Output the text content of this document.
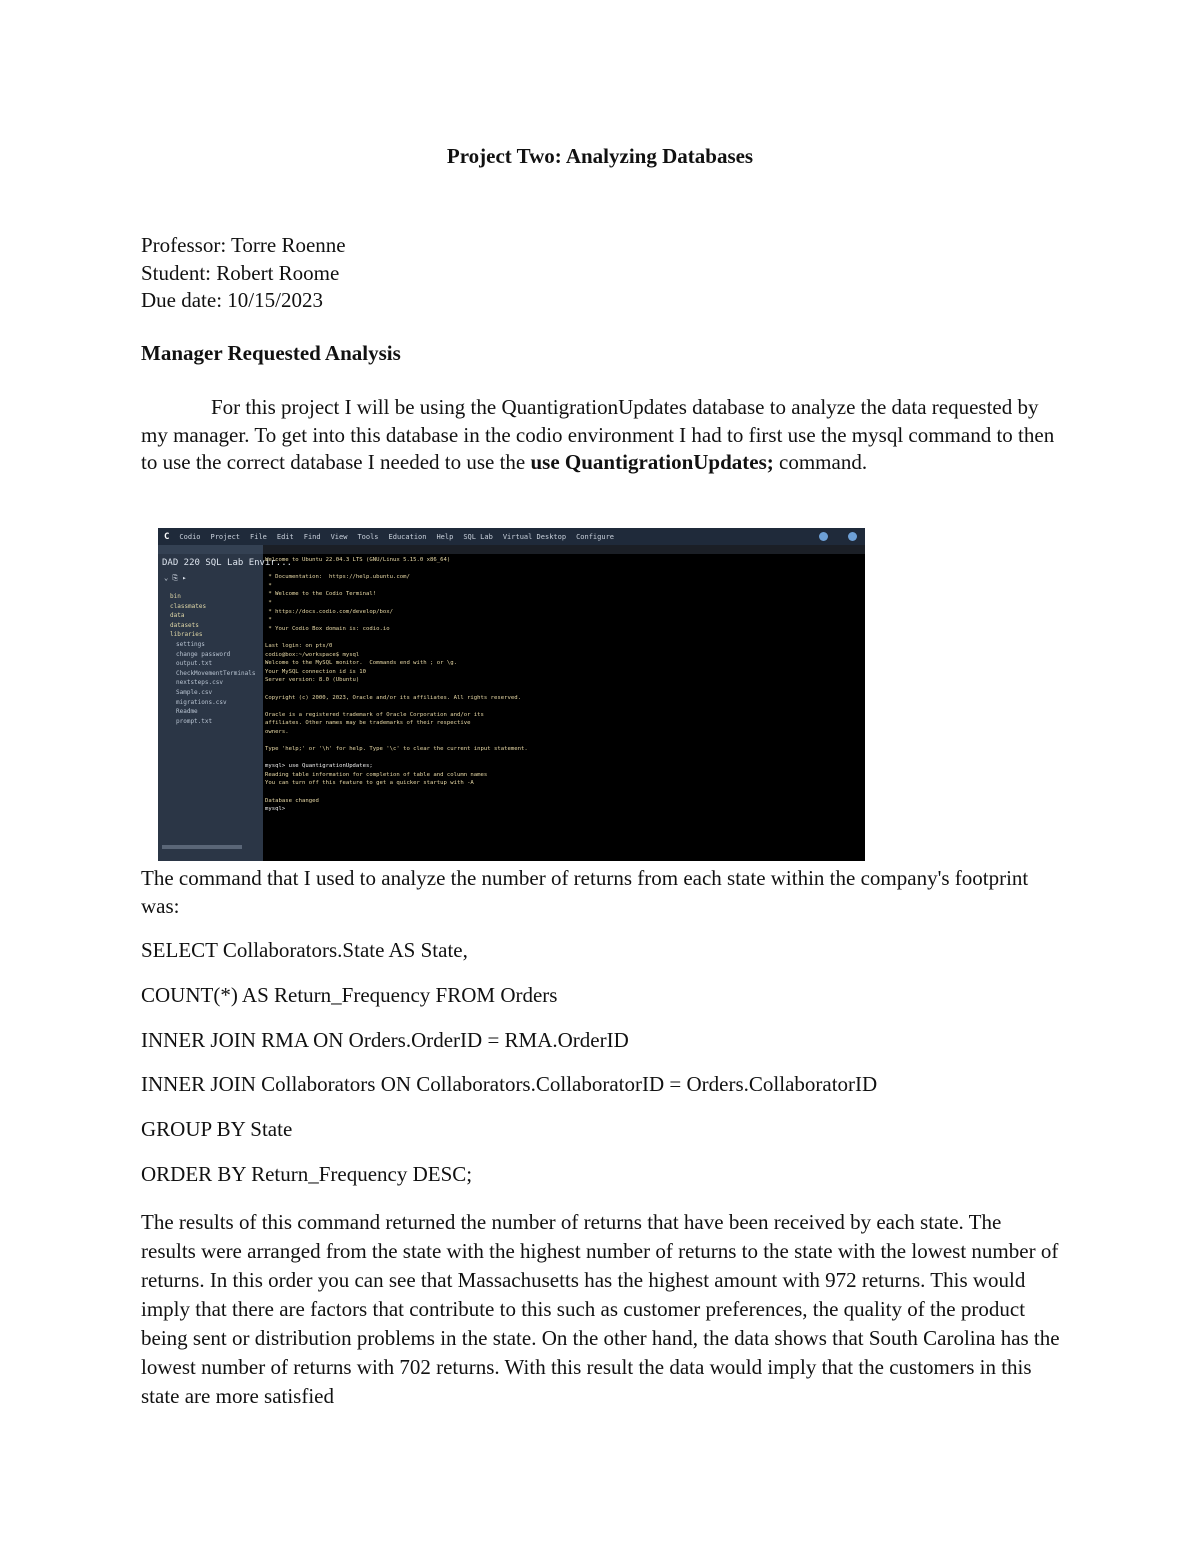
Project Two: Analyzing Databases
Professor: Torre Roenne
Student: Robert Roome
Due date: 10/15/2023
Manager Requested Analysis
For this project I will be using the QuantigrationUpdates database to analyze the data requested by my manager. To get into this database in the codio environment I had to first use the mysql command to then to use the correct database I needed to use the use QuantigrationUpdates; command.
C Codio Project File Edit Find View Tools Education Help SQL Lab Virtual Desktop Configure
DAD 220 SQL Lab Envir...
⌄ ⎘ ▸
bin
classmates
data
datasets
libraries
settings
change password
output.txt
CheckMovementTerminals
nextsteps.csv
Sample.csv
migrations.csv
Readme
prompt.txt
Welcome to Ubuntu 22.04.3 LTS (GNU/Linux 5.15.0 x86_64)

* Documentation:  https://help.ubuntu.com/
*
* Welcome to the Codio Terminal!
*
* https://docs.codio.com/develop/box/
*
* Your Codio Box domain is: codio.io

Last login: on pts/0
codio@box:~/workspace$ mysql
Welcome to the MySQL monitor.  Commands end with ; or \g.
Your MySQL connection id is 10
Server version: 8.0 (Ubuntu)

Copyright (c) 2000, 2023, Oracle and/or its affiliates. All rights reserved.

Oracle is a registered trademark of Oracle Corporation and/or its
affiliates. Other names may be trademarks of their respective
owners.

Type 'help;' or '\h' for help. Type '\c' to clear the current input statement.

mysql> use QuantigrationUpdates;
Reading table information for completion of table and column names
You can turn off this feature to get a quicker startup with -A

Database changed
mysql>
The command that I used to analyze the number of returns from each state within the company's footprint was:
SELECT Collaborators.State AS State,
COUNT(*) AS Return_Frequency FROM Orders
INNER JOIN RMA ON Orders.OrderID = RMA.OrderID
INNER JOIN Collaborators ON Collaborators.CollaboratorID = Orders.CollaboratorID
GROUP BY State
ORDER BY Return_Frequency DESC;
The results of this command returned the number of returns that have been received by each state. The results were arranged from the state with the highest number of returns to the state with the lowest number of returns. In this order you can see that Massachusetts has the highest amount with 972 returns. This would imply that there are factors that contribute to this such as customer preferences, the quality of the product being sent or distribution problems in the state. On the other hand, the data shows that South Carolina has the lowest number of returns with 702 returns. With this result the data would imply that the customers in this state are more satisfied
